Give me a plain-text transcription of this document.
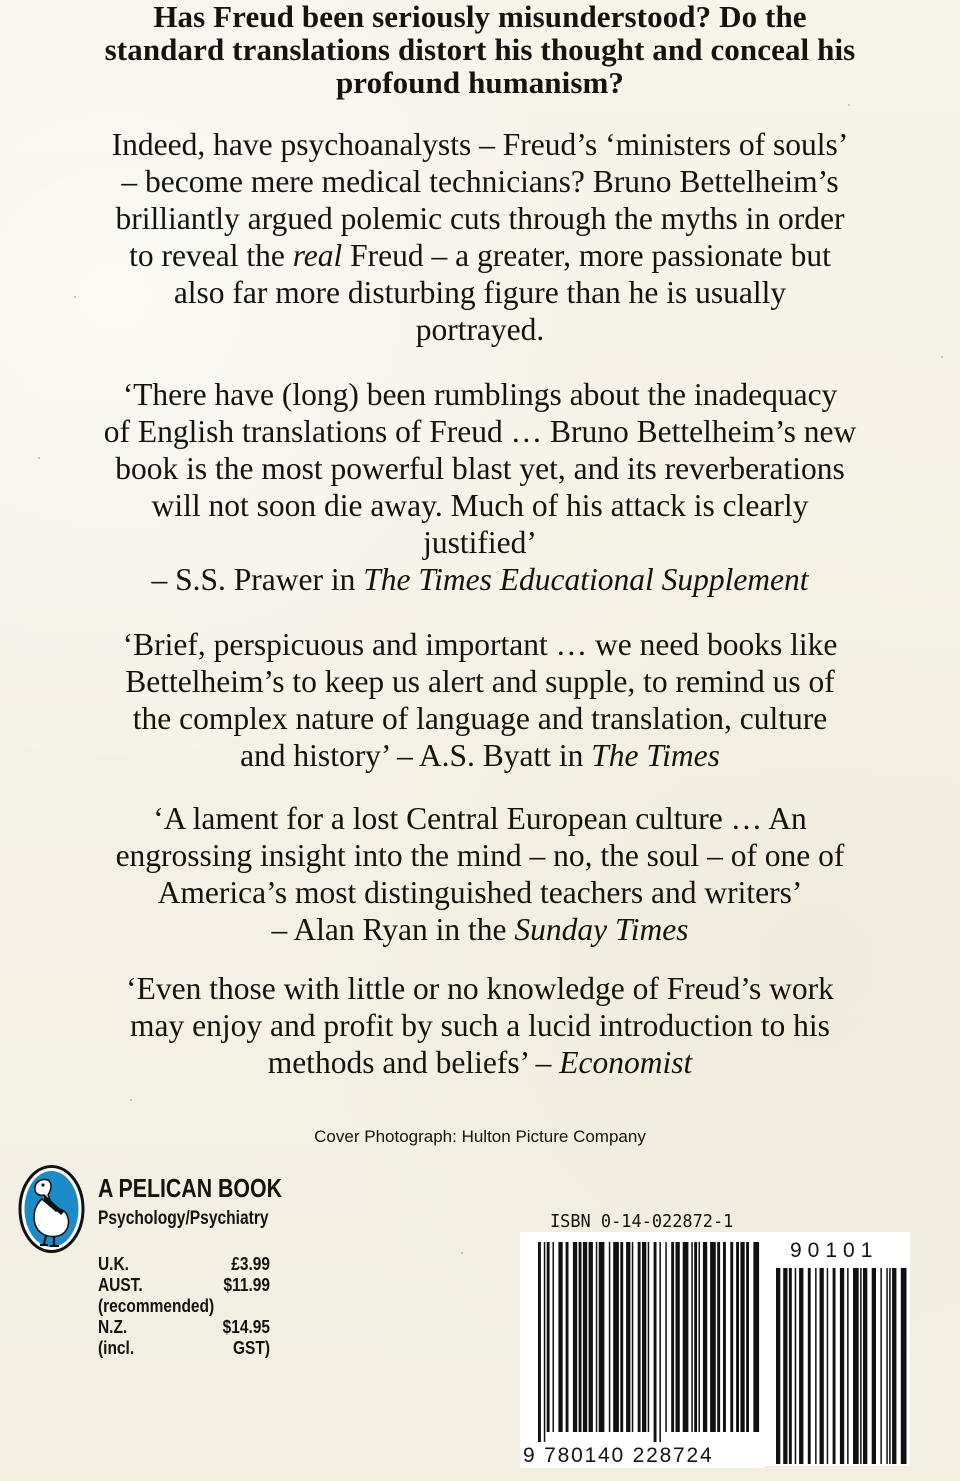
Has Freud been seriously misunderstood? Do the
standard translations distort his thought and conceal his
profound humanism?
Indeed, have psychoanalysts – Freud’s ‘ministers of souls’
– become mere medical technicians? Bruno Bettelheim’s
brilliantly argued polemic cuts through the myths in order
to reveal the real Freud – a greater, more passionate but
also far more disturbing figure than he is usually
portrayed.
‘There have (long) been rumblings about the inadequacy
of English translations of Freud … Bruno Bettelheim’s new
book is the most powerful blast yet, and its reverberations
will not soon die away. Much of his attack is clearly
justified’
– S.S. Prawer in The Times Educational Supplement
‘Brief, perspicuous and important … we need books like
Bettelheim’s to keep us alert and supple, to remind us of
the complex nature of language and translation, culture
and history’ – A.S. Byatt in The Times
‘A lament for a lost Central European culture … An
engrossing insight into the mind – no, the soul – of one of
America’s most distinguished teachers and writers’
– Alan Ryan in the Sunday Times
‘Even those with little or no knowledge of Freud’s work
may enjoy and profit by such a lucid introduction to his
methods and beliefs’ – Economist
Cover Photograph: Hulton Picture Company
A PELICAN BOOK
Psychology/Psychiatry
U.K.	£3.99
AUST.	$11.99
(recommended)
N.Z.	$14.95
(incl.	GST)
ISBN 0-14-022872-1
9 780140 228724
90101
